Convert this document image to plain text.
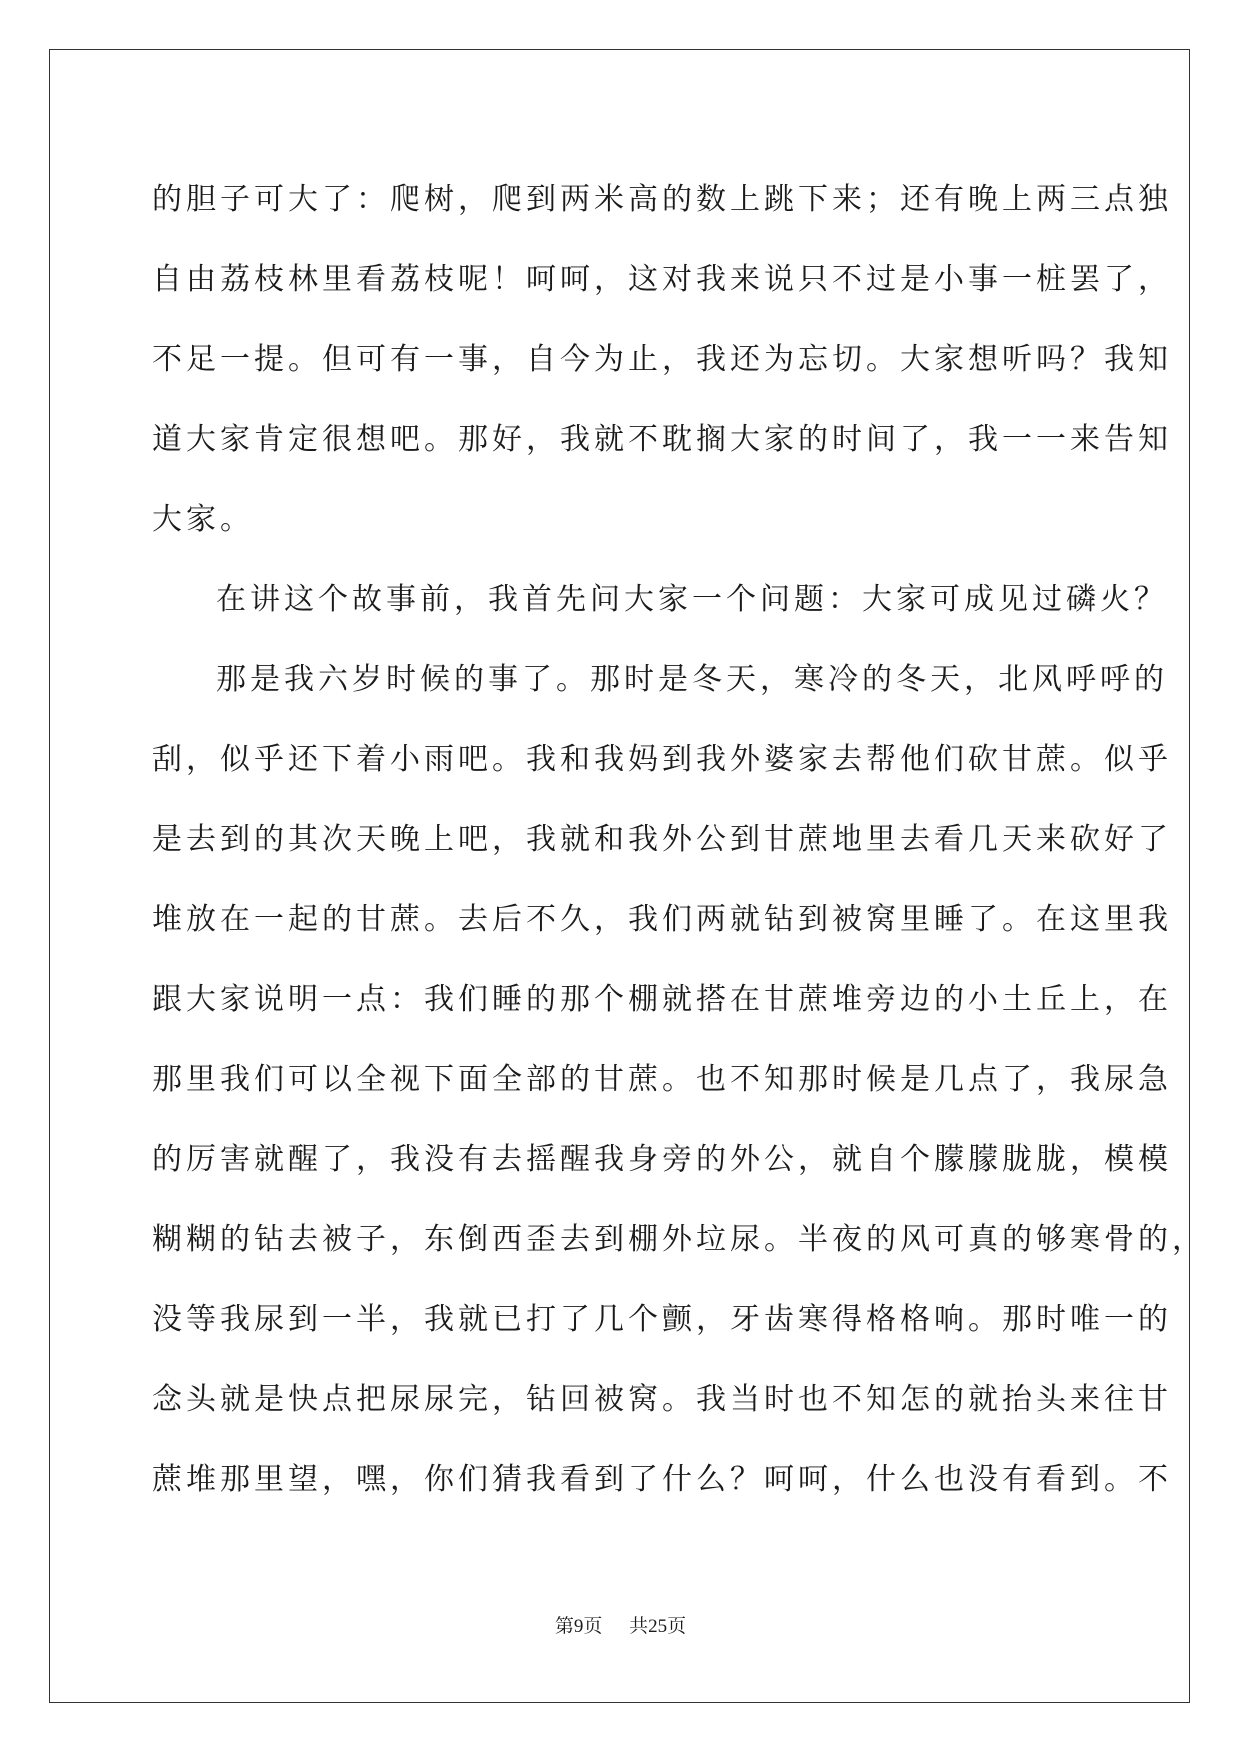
的胆子可大了：爬树，爬到两米高的数上跳下来；还有晚上两三点独
自由荔枝林里看荔枝呢！呵呵，这对我来说只不过是小事一桩罢了，
不足一提。但可有一事，自今为止，我还为忘切。大家想听吗？我知
道大家肯定很想吧。那好，我就不耽搁大家的时间了，我一一来告知
大家。

在讲这个故事前，我首先问大家一个问题：大家可成见过磷火？

那是我六岁时候的事了。那时是冬天，寒冷的冬天，北风呼呼的
刮，似乎还下着小雨吧。我和我妈到我外婆家去帮他们砍甘蔗。似乎
是去到的其次天晚上吧，我就和我外公到甘蔗地里去看几天来砍好了
堆放在一起的甘蔗。去后不久，我们两就钻到被窝里睡了。在这里我
跟大家说明一点：我们睡的那个棚就搭在甘蔗堆旁边的小土丘上，在
那里我们可以全视下面全部的甘蔗。也不知那时候是几点了，我尿急
的厉害就醒了，我没有去摇醒我身旁的外公，就自个朦朦胧胧，模模
糊糊的钻去被子，东倒西歪去到棚外垃尿。半夜的风可真的够寒骨的，
没等我尿到一半，我就已打了几个颤，牙齿寒得格格响。那时唯一的
念头就是快点把尿尿完，钻回被窝。我当时也不知怎的就抬头来往甘
蔗堆那里望，嘿，你们猜我看到了什么？呵呵，什么也没有看到。不

第9页 共25页
